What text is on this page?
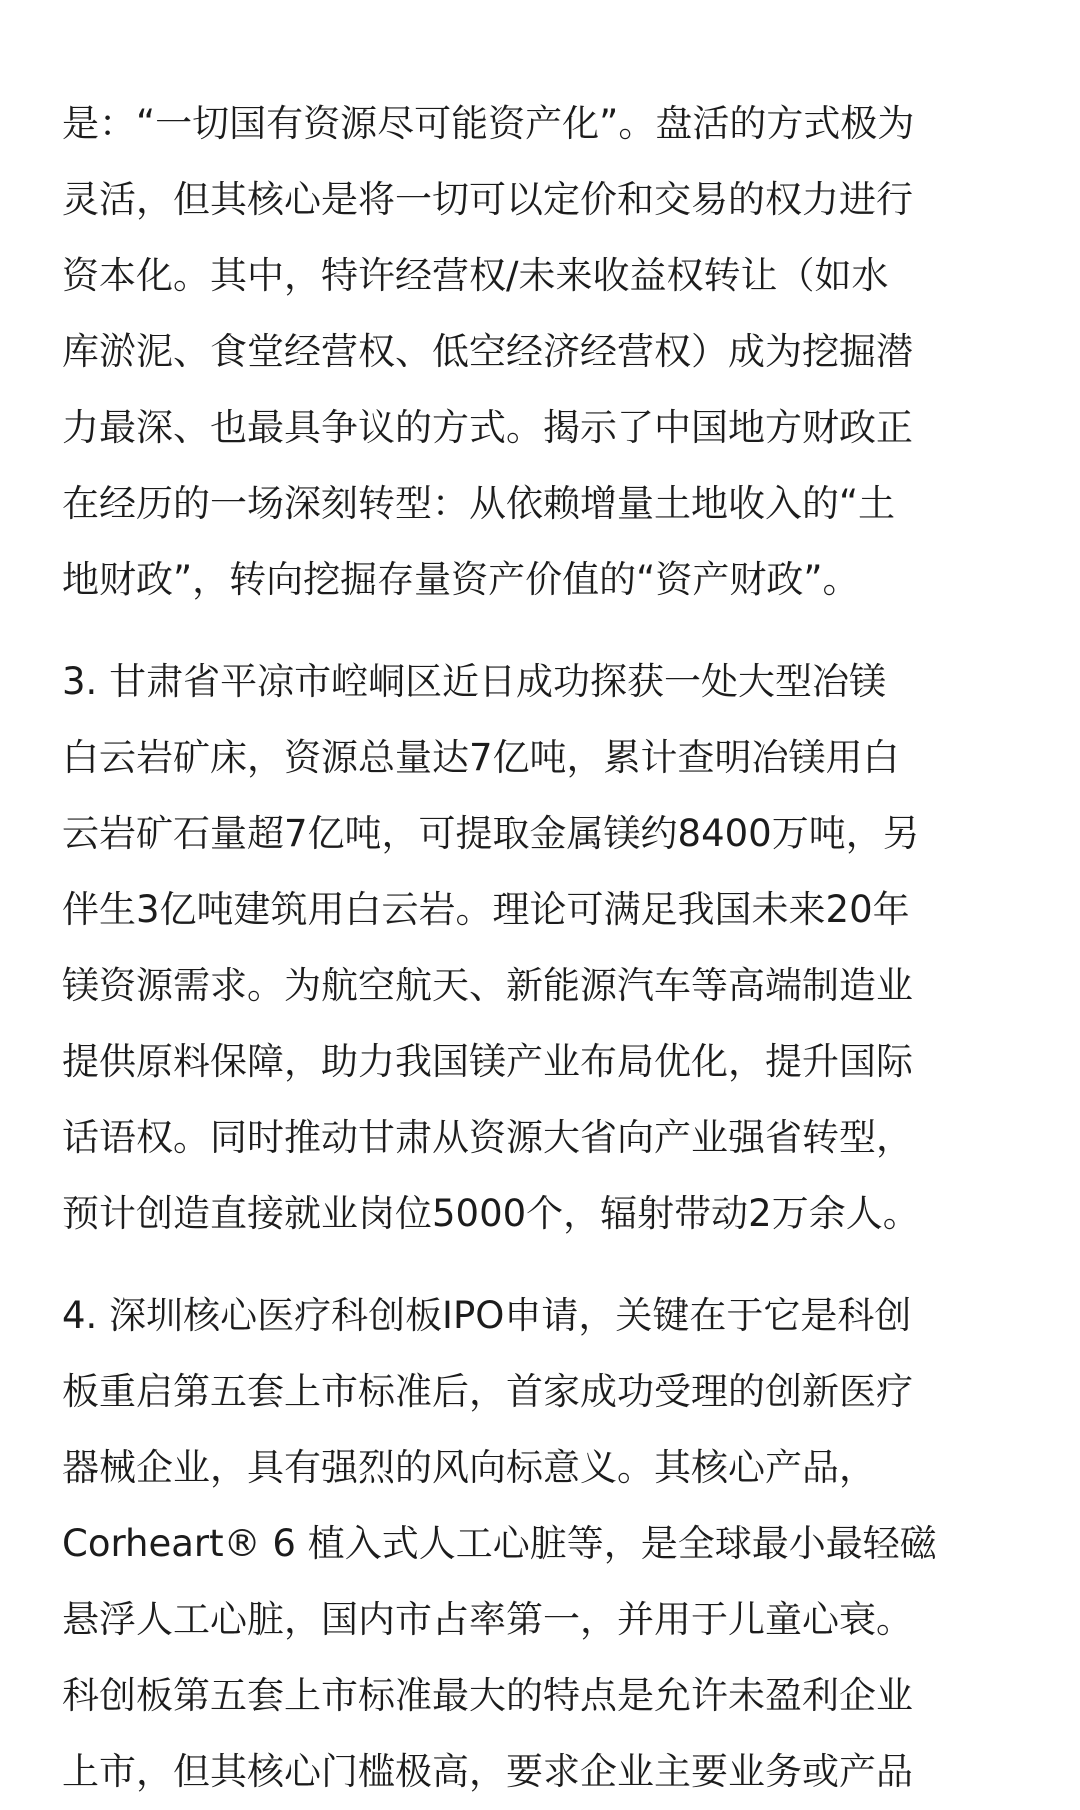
是：“一切国有资源尽可能资产化”。盘活的方式极为
灵活，但其核心是将一切可以定价和交易的权力进行
资本化。其中，特许经营权/未来收益权转让（如水
库淤泥、食堂经营权、低空经济经营权）成为挖掘潜
力最深、也最具争议的方式。揭示了中国地方财政正
在经历的一场深刻转型：从依赖增量土地收入的“土
地财政”，转向挖掘存量资产价值的“资产财政”。

3. 甘肃省平凉市崆峒区近日成功探获一处大型冶镁
白云岩矿床，资源总量达7亿吨，累计查明冶镁用白
云岩矿石量超7亿吨，可提取金属镁约8400万吨，另
伴生3亿吨建筑用白云岩。理论可满足我国未来20年
镁资源需求。为航空航天、新能源汽车等高端制造业
提供原料保障，助力我国镁产业布局优化，提升国际
话语权。同时推动甘肃从资源大省向产业强省转型，
预计创造直接就业岗位5000个，辐射带动2万余人。

4. 深圳核心医疗科创板IPO申请，关键在于它是科创
板重启第五套上市标准后，首家成功受理的创新医疗
器械企业，具有强烈的风向标意义。其核心产品，
Corheart® 6 植入式人工心脏等，是全球最小最轻磁
悬浮人工心脏，国内市占率第一，并用于儿童心衰。
科创板第五套上市标准最大的特点是允许未盈利企业
上市，但其核心门槛极高，要求企业主要业务或产品
